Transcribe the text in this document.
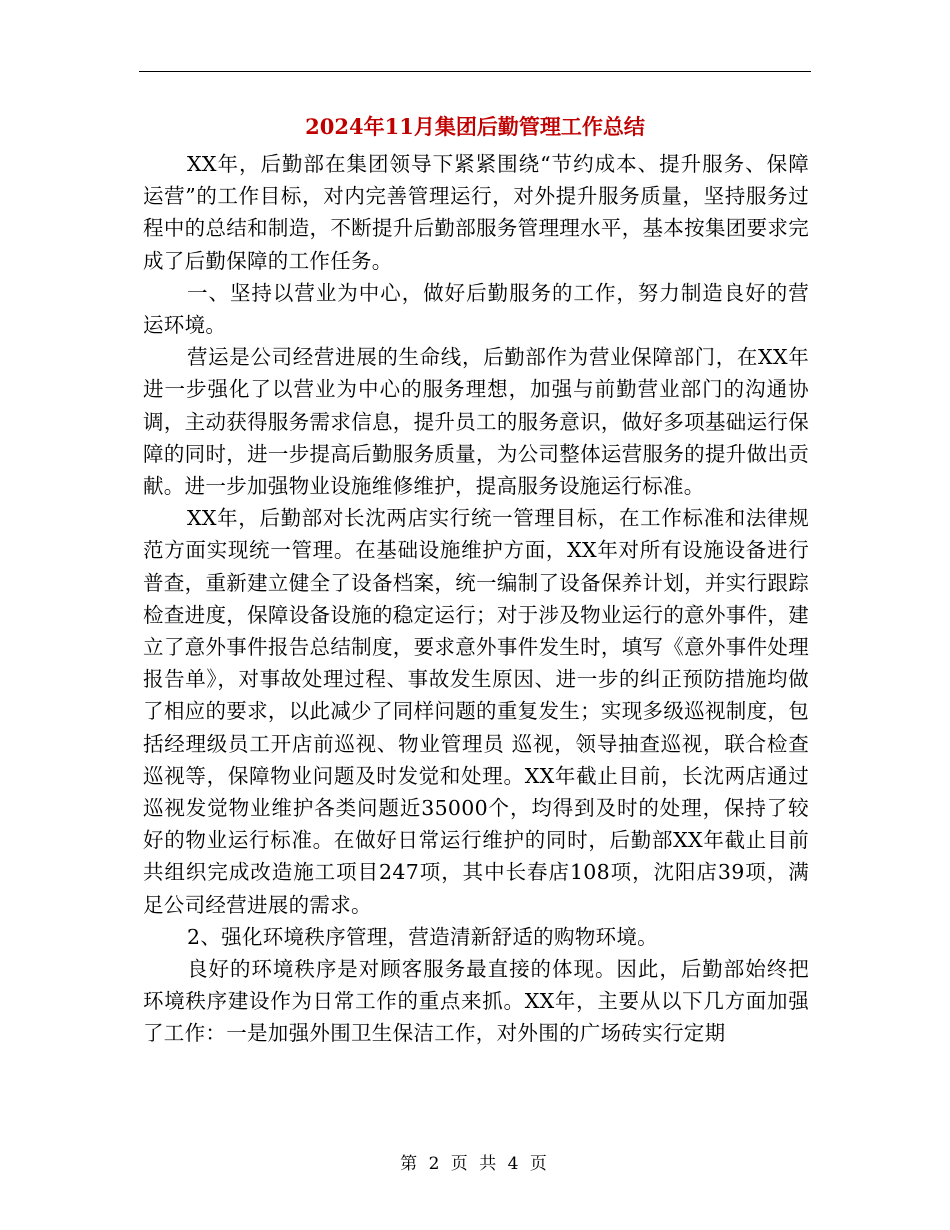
2024年11月集团后勤管理工作总结

XX年，后勤部在集团领导下紧紧围绕“节约成本、提升服务、保障运营”的工作目标，对内完善管理运行，对外提升服务质量，坚持服务过程中的总结和制造，不断提升后勤部服务管理理水平，基本按集团要求完成了后勤保障的工作任务。

一、坚持以营业为中心，做好后勤服务的工作，努力制造良好的营运环境。

营运是公司经营进展的生命线，后勤部作为营业保障部门，在XX年进一步强化了以营业为中心的服务理想，加强与前勤营业部门的沟通协调，主动获得服务需求信息，提升员工的服务意识，做好多项基础运行保障的同时，进一步提高后勤服务质量，为公司整体运营服务的提升做出贡献。进一步加强物业设施维修维护，提高服务设施运行标准。

XX年，后勤部对长沈两店实行统一管理目标，在工作标准和法律规范方面实现统一管理。在基础设施维护方面，XX年对所有设施设备进行普查，重新建立健全了设备档案，统一编制了设备保养计划，并实行跟踪检查进度，保障设备设施的稳定运行；对于涉及物业运行的意外事件，建立了意外事件报告总结制度，要求意外事件发生时，填写《意外事件处理报告单》，对事故处理过程、事故发生原因、进一步的纠正预防措施均做了相应的要求，以此减少了同样问题的重复发生；实现多级巡视制度，包括经理级员工开店前巡视、物业管理员 巡视，领导抽查巡视，联合检查巡视等，保障物业问题及时发觉和处理。XX年截止目前，长沈两店通过巡视发觉物业维护各类问题近35000个，均得到及时的处理，保持了较好的物业运行标准。在做好日常运行维护的同时，后勤部XX年截止目前共组织完成改造施工项目247项，其中长春店108项，沈阳店39项，满足公司经营进展的需求。

2、强化环境秩序管理，营造清新舒适的购物环境。

良好的环境秩序是对顾客服务最直接的体现。因此，后勤部始终把环境秩序建设作为日常工作的重点来抓。XX年，主要从以下几方面加强了工作：一是加强外围卫生保洁工作，对外围的广场砖实行定期

第 2 页 共 4 页
